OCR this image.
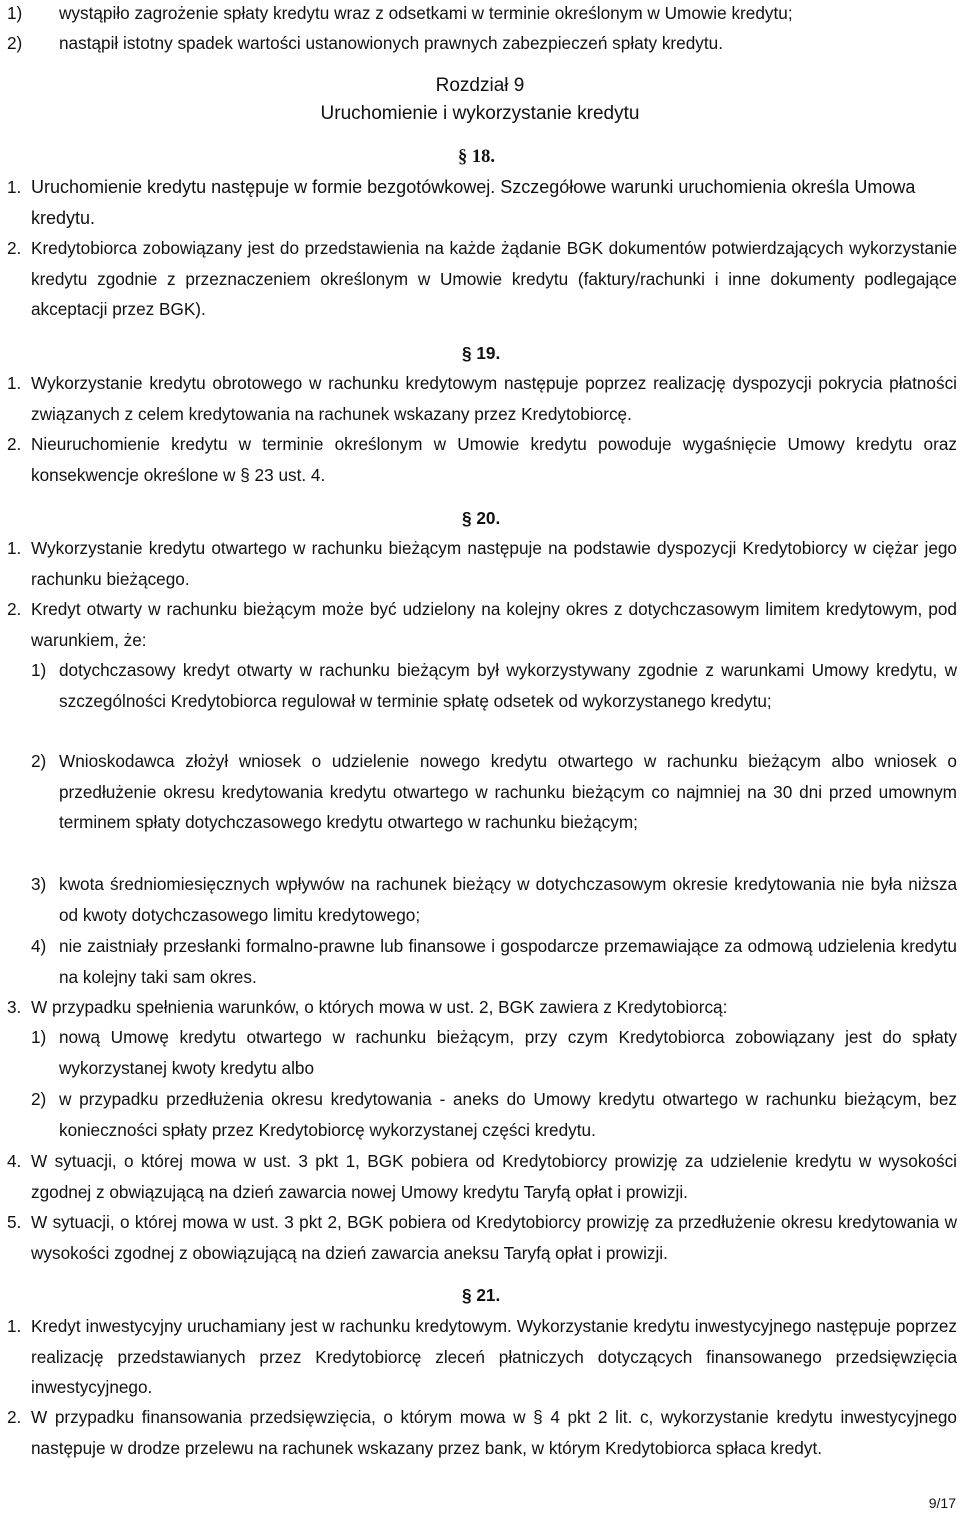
1) wystąpiło zagrożenie spłaty kredytu wraz z odsetkami w terminie określonym w Umowie kredytu;
2) nastąpił istotny spadek wartości ustanowionych prawnych zabezpieczeń spłaty kredytu.
Rozdział 9
Uruchomienie i wykorzystanie kredytu
§ 18.
1. Uruchomienie kredytu następuje w formie bezgotówkowej. Szczegółowe warunki uruchomienia określa Umowa kredytu.
2. Kredytobiorca zobowiązany jest do przedstawienia na każde żądanie BGK dokumentów potwierdzających wykorzystanie kredytu zgodnie z przeznaczeniem określonym w Umowie kredytu (faktury/rachunki i inne dokumenty podlegające akceptacji przez BGK).
§ 19.
1. Wykorzystanie kredytu obrotowego w rachunku kredytowym następuje poprzez realizację dyspozycji pokrycia płatności związanych z celem kredytowania na rachunek wskazany przez Kredytobiorcę.
2. Nieuruchomienie kredytu w terminie określonym w Umowie kredytu powoduje wygaśnięcie Umowy kredytu oraz konsekwencje określone w § 23 ust. 4.
§ 20.
1. Wykorzystanie kredytu otwartego w rachunku bieżącym następuje na podstawie dyspozycji Kredytobiorcy w ciężar jego rachunku bieżącego.
2. Kredyt otwarty w rachunku bieżącym może być udzielony na kolejny okres z dotychczasowym limitem kredytowym, pod warunkiem, że:
1) dotychczasowy kredyt otwarty w rachunku bieżącym był wykorzystywany zgodnie z warunkami Umowy kredytu, w szczególności Kredytobiorca regulował w terminie spłatę odsetek od wykorzystanego kredytu;
2) Wnioskodawca złożył wniosek o udzielenie nowego kredytu otwartego w rachunku bieżącym albo wniosek o przedłużenie okresu kredytowania kredytu otwartego w rachunku bieżącym co najmniej na 30 dni przed umownym terminem spłaty dotychczasowego kredytu otwartego w rachunku bieżącym;
3) kwota średniomiesięcznych wpływów na rachunek bieżący w dotychczasowym okresie kredytowania nie była niższa od kwoty dotychczasowego limitu kredytowego;
4) nie zaistniały przesłanki formalno-prawne lub finansowe i gospodarcze przemawiające za odmową udzielenia kredytu na kolejny taki sam okres.
3. W przypadku spełnienia warunków, o których mowa w ust. 2, BGK zawiera z Kredytobiorcą:
1) nową Umowę kredytu otwartego w rachunku bieżącym, przy czym Kredytobiorca zobowiązany jest do spłaty wykorzystanej kwoty kredytu albo
2) w przypadku przedłużenia okresu kredytowania - aneks do Umowy kredytu otwartego w rachunku bieżącym, bez konieczności spłaty przez Kredytobiorcę wykorzystanej części kredytu.
4. W sytuacji, o której mowa w ust. 3 pkt 1, BGK pobiera od Kredytobiorcy prowizję za udzielenie kredytu w wysokości zgodnej z obwiązującą na dzień zawarcia nowej Umowy kredytu Taryfą opłat i prowizji.
5. W sytuacji, o której mowa w ust. 3 pkt 2, BGK pobiera od Kredytobiorcy prowizję za przedłużenie okresu kredytowania w wysokości zgodnej z obowiązującą na dzień zawarcia aneksu Taryfą opłat i prowizji.
§ 21.
1. Kredyt inwestycyjny uruchamiany jest w rachunku kredytowym. Wykorzystanie kredytu inwestycyjnego następuje poprzez realizację przedstawianych przez Kredytobiorcę zleceń płatniczych dotyczących finansowanego przedsięwzięcia inwestycyjnego.
2. W przypadku finansowania przedsięwzięcia, o którym mowa w § 4 pkt 2 lit. c, wykorzystanie kredytu inwestycyjnego następuje w drodze przelewu na rachunek wskazany przez bank, w którym Kredytobiorca spłaca kredyt.
9/17
